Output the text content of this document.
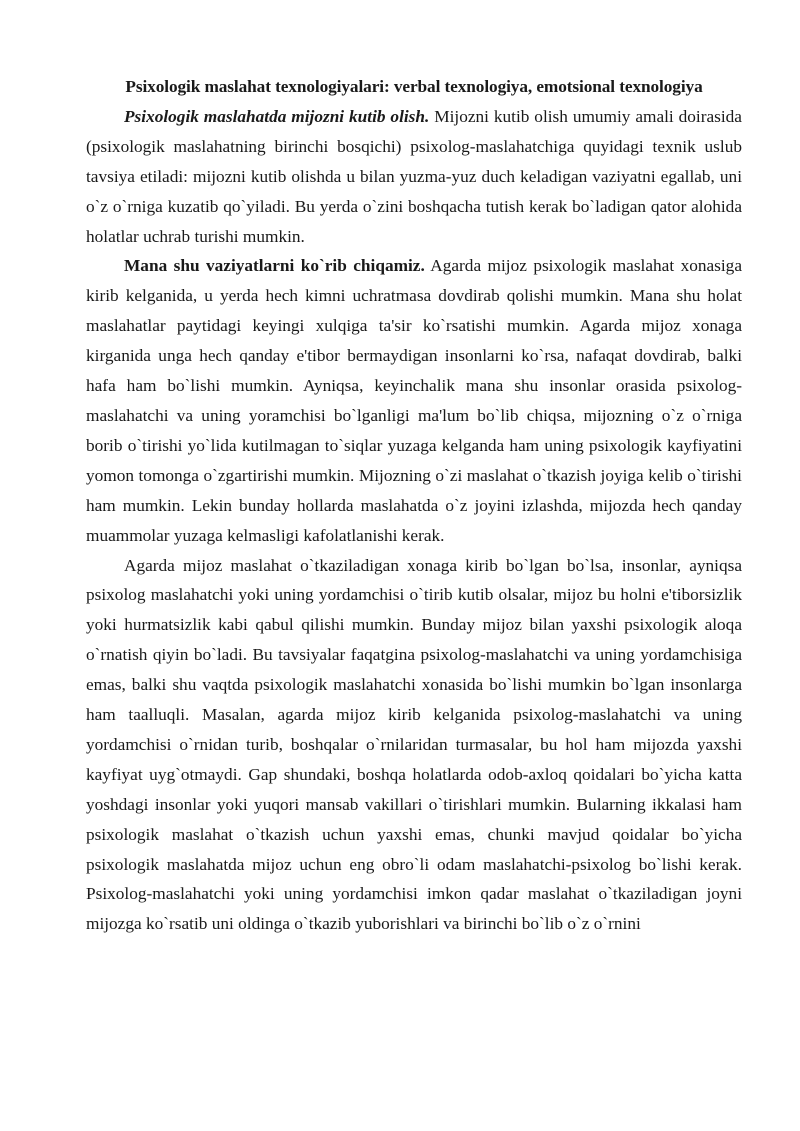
Psixologik maslahat texnologiyalari: verbal texnologiya, emotsional texnologiya

Psixologik maslahatda mijozni kutib olish. Mijozni kutib olish umumiy amali doirasida (psixologik maslahatning birinchi bosqichi) psixolog-maslahatchiga quyidagi texnik uslub tavsiya etiladi: mijozni kutib olishda u bilan yuzma-yuz duch keladigan vaziyatni egallab, uni o`z o`rniga kuzatib qo`yiladi. Bu yerda o`zini boshqacha tutish kerak bo`ladigan qator alohida holatlar uchrab turishi mumkin.

Mana shu vaziyatlarni ko`rib chiqamiz. Agarda mijoz psixologik maslahat xonasiga kirib kelganida, u yerda hech kimni uchratmasa dovdirab qolishi mumkin. Mana shu holat maslahatlar paytidagi keyingi xulqiga ta'sir ko`rsatishi mumkin. Agarda mijoz xonaga kirganida unga hech qanday e'tibor bermaydigan insonlarni ko`rsa, nafaqat dovdirab, balki hafa ham bo`lishi mumkin. Ayniqsa, keyinchalik mana shu insonlar orasida psixolog-maslahatchi va uning yoramchisi bo`lganligi ma'lum bo`lib chiqsa, mijozning o`z o`rniga borib o`tirishi yo`lida kutilmagan to`siqlar yuzaga kelganda ham uning psixologik kayfiyatini yomon tomonga o`zgartirishi mumkin. Mijozning o`zi maslahat o`tkazish joyiga kelib o`tirishi ham mumkin. Lekin bunday hollarda maslahatda o`z joyini izlashda, mijozda hech qanday muammolar yuzaga kelmasligi kafolatlanishi kerak.

Agarda mijoz maslahat o`tkaziladigan xonaga kirib bo`lgan bo`lsa, insonlar, ayniqsa psixolog maslahatchi yoki uning yordamchisi o`tirib kutib olsalar, mijoz bu holni e'tiborsizlik yoki hurmatsizlik kabi qabul qilishi mumkin. Bunday mijoz bilan yaxshi psixologik aloqa o`rnatish qiyin bo`ladi. Bu tavsiyalar faqatgina psixolog-maslahatchi va uning yordamchisiga emas, balki shu vaqtda psixologik maslahatchi xonasida bo`lishi mumkin bo`lgan insonlarga ham taalluqli. Masalan, agarda mijoz kirib kelganida psixolog-maslahatchi va uning yordamchisi o`rnidan turib, boshqalar o`rnilaridan turmasalar, bu hol ham mijozda yaxshi kayfiyat uyg`otmaydi. Gap shundaki, boshqa holatlarda odob-axloq qoidalari bo`yicha katta yoshdagi insonlar yoki yuqori mansab vakillari o`tirishlari mumkin. Bularning ikkalasi ham psixologik maslahat o`tkazish uchun yaxshi emas, chunki mavjud qoidalar bo`yicha psixologik maslahatda mijoz uchun eng obro`li odam maslahatchi-psixolog bo`lishi kerak. Psixolog-maslahatchi yoki uning yordamchisi imkon qadar maslahat o`tkaziladigan joyni mijozga ko`rsatib uni oldinga o`tkazib yuborishlari va birinchi bo`lib o`z o`rnini
